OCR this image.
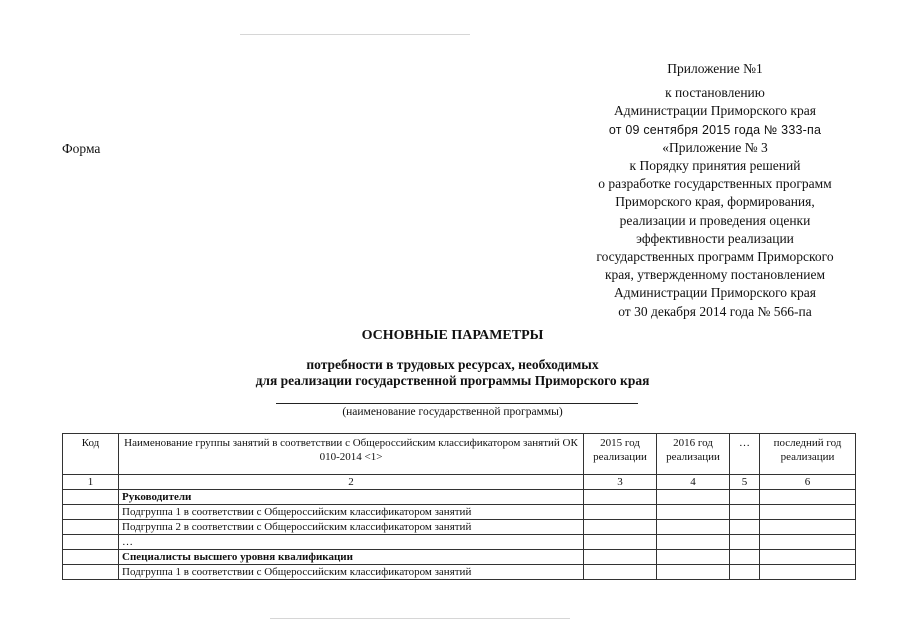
Приложение №1
к постановлению
Администрации Приморского края
от 09 сентября 2015 года № 333-па
«Приложение № 3
к Порядку принятия решений
о разработке государственных программ
Приморского края, формирования,
реализации и проведения оценки
эффективности реализации
государственных программ Приморского
края, утвержденному постановлением
Администрации Приморского края
от 30 декабря 2014 года № 566-па
Форма
ОСНОВНЫЕ ПАРАМЕТРЫ
потребности в трудовых ресурсах, необходимых
для реализации государственной программы Приморского края
(наименование государственной программы)
Код	Наименование группы занятий в соответствии с Общероссийским классификатором занятий ОК 010-2014 <1>	2015 год реализации	2016 год реализации	…	последний год реализации
1	2	3	4	5	6
	Руководители				
	Подгруппа 1 в соответствии с Общероссийским классификатором занятий				
	Подгруппа 2 в соответствии с Общероссийским классификатором занятий				
	…				
	Специалисты высшего уровня квалификации				
	Подгруппа 1 в соответствии с Общероссийским классификатором занятий				
